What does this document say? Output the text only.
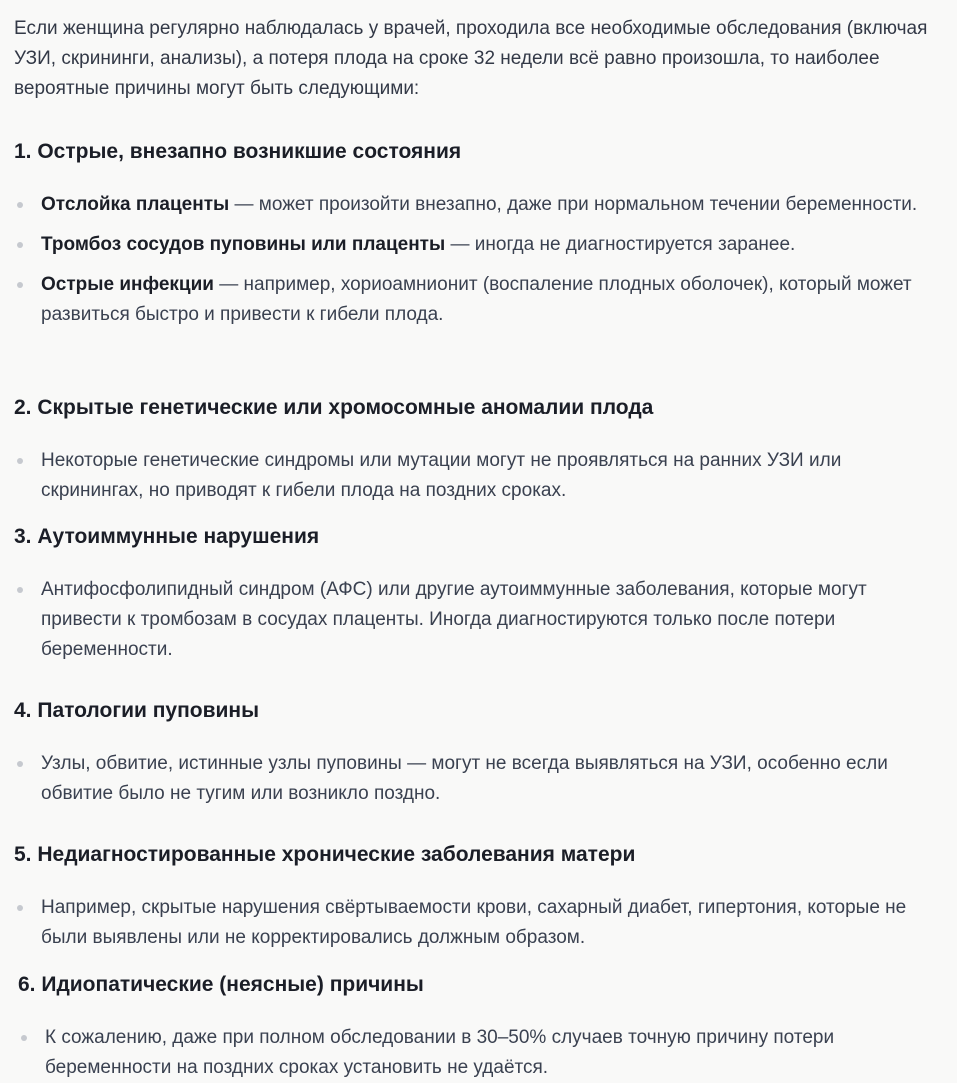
Если женщина регулярно наблюдалась у врачей, проходила все необходимые обследования (включая УЗИ, скрининги, анализы), а потеря плода на сроке 32 недели всё равно произошла, то наиболее вероятные причины могут быть следующими:

1. Острые, внезапно возникшие состояния
Отслойка плаценты — может произойти внезапно, даже при нормальном течении беременности.
Тромбоз сосудов пуповины или плаценты — иногда не диагностируется заранее.
Острые инфекции — например, хориоамнионит (воспаление плодных оболочек), который может развиться быстро и привести к гибели плода.
2. Скрытые генетические или хромосомные аномалии плода
Некоторые генетические синдромы или мутации могут не проявляться на ранних УЗИ или скринингах, но приводят к гибели плода на поздних сроках.
3. Аутоиммунные нарушения
Антифосфолипидный синдром (АФС) или другие аутоиммунные заболевания, которые могут привести к тромбозам в сосудах плаценты. Иногда диагностируются только после потери беременности.
4. Патологии пуповины
Узлы, обвитие, истинные узлы пуповины — могут не всегда выявляться на УЗИ, особенно если обвитие было не тугим или возникло поздно.
5. Недиагностированные хронические заболевания матери
Например, скрытые нарушения свёртываемости крови, сахарный диабет, гипертония, которые не были выявлены или не корректировались должным образом.
6. Идиопатические (неясные) причины
К сожалению, даже при полном обследовании в 30–50% случаев точную причину потери беременности на поздних сроках установить не удаётся.
